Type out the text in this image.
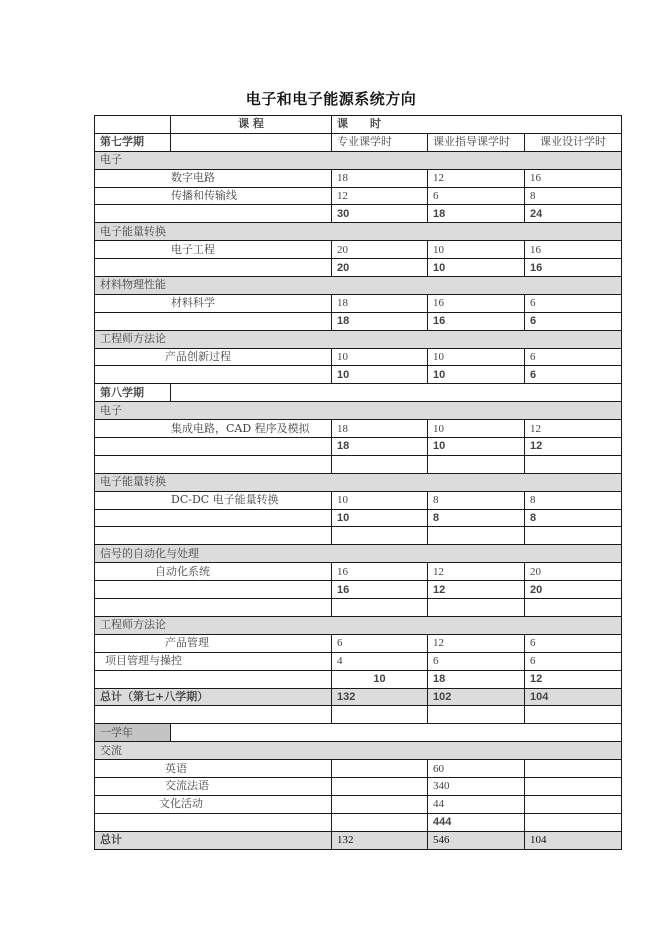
电子和电子能源系统方向
	课 程	课　　时		
第七学期		专业课学时	课业指导课学时	课业设计学时
电子				
数字电路		18	12	16
传播和传输线		12	6	8
		30	18	24
电子能量转换				
电子工程		20	10	16
		20	10	16
材料物理性能				
材料科学		18	16	6
		18	16	6
工程师方法论				
产品创新过程		10	10	6
		10	10	6
第八学期				
电子				
集成电路，CAD 程序及模拟		18	10	12
		18	10	12

电子能量转换				
DC-DC 电子能量转换		10	8	8
		10	8	8

信号的自动化与处理				
自动化系统		16	12	20
		16	12	20

工程师方法论				
产品管理		6	12	6
项目管理与操控		4	6	6
		10	18	12
总计（第七+八学期）		132	102	104

一学年				
交流				
英语			60	
交流法语			340	
文化活动			44	
			444	
总计		132	546	104
